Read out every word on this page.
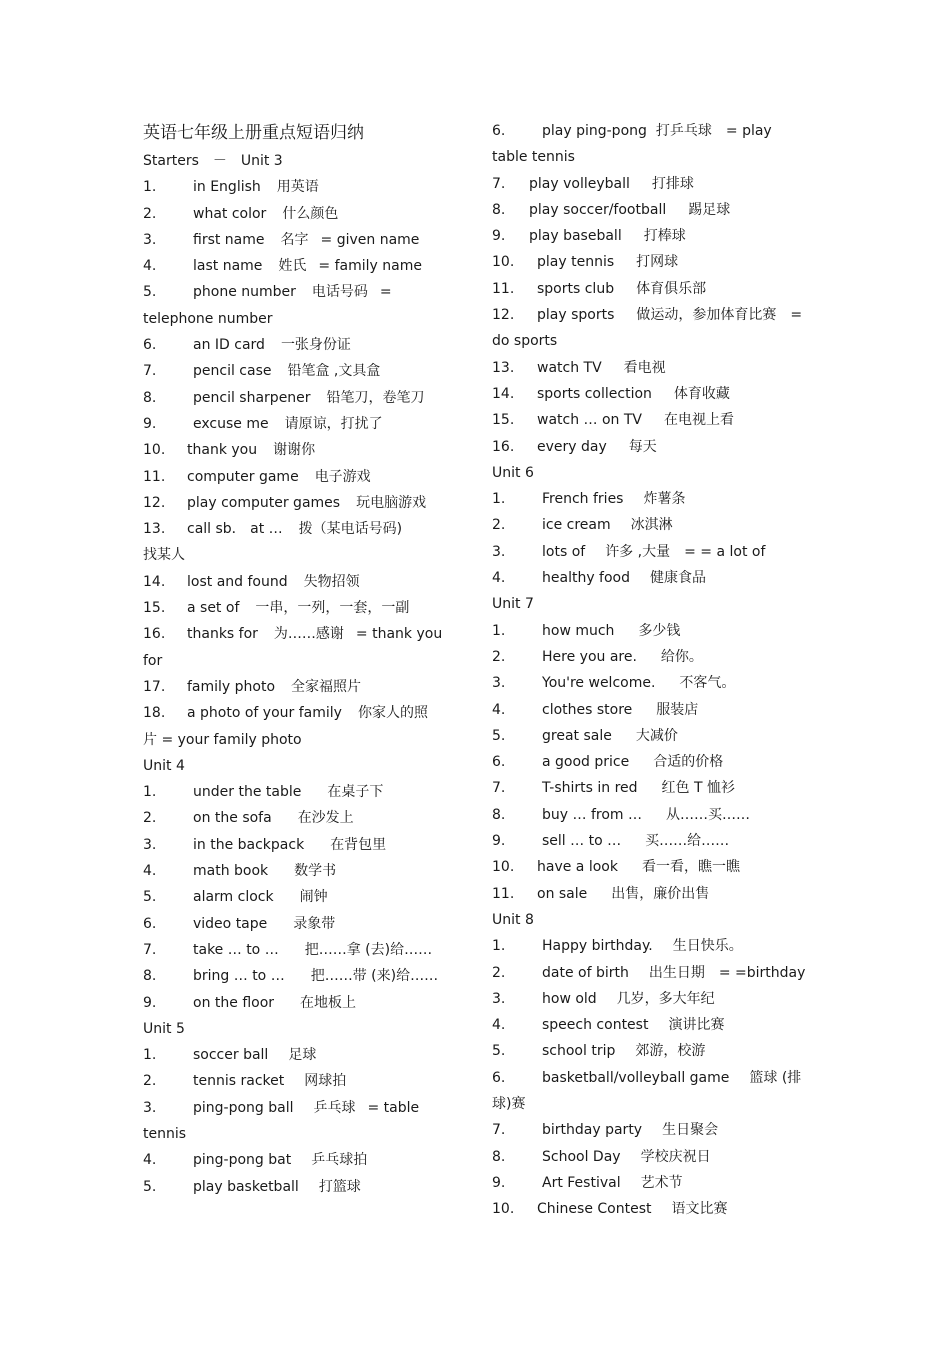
英语七年级上册重点短语归纳
Starters　－　Unit 3
1.	in English 用英语
2.	what color 什么颜色
3.	first name 名字 = given name
4.	last name 姓氏 = family name
5.	phone number 电话号码 =
telephone number
6.	an ID card 一张身份证
7.	pencil case 铅笔盒 ,文具盒
8.	pencil sharpener 铅笔刀，卷笔刀
9.	excuse me 请原谅，打扰了
10. thank you 谢谢你
11. computer game 电子游戏
12. play computer games 玩电脑游戏
13. call sb． at … 拨（某电话号码)
找某人
14. lost and found 失物招领
15. a set of 一串，一列，一套，一副
16. thanks for 为……感谢 = thank you
for
17. family photo 全家福照片
18. a photo of your family 你家人的照
片 = your family photo
Unit 4
1.	under the table 在桌子下
2.	on the sofa 在沙发上
3.	in the backpack 在背包里
4.	math book 数学书
5.	alarm clock 闹钟
6.	video tape 录象带
7.	take … to … 把……拿 (去)给……
8.	bring … to … 把……带 (来)给……
9.	on the floor 在地板上
Unit 5
1.	soccer ball 足球
2.	tennis racket 网球拍
3.	ping-pong ball 乒乓球 = table
tennis
4.	ping-pong bat 乒乓球拍
5.	play basketball 打篮球
6.	play ping-pong 打乒乓球 = play
table tennis
7. play volleyball 打排球
8. play soccer/football 踢足球
9. play baseball 打棒球
10. play tennis 打网球
11. sports club 体育俱乐部
12. play sports 做运动，参加体育比赛 =
do sports
13. watch TV 看电视
14. sports collection 体育收藏
15. watch … on TV 在电视上看
16. every day 每天
Unit 6
1.	French fries 炸薯条
2.	ice cream 冰淇淋
3.	lots of 许多 ,大量 = = a lot of
4.	healthy food 健康食品
Unit 7
1.	how much 多少钱
2.	Here you are. 给你。
3.	You're welcome. 不客气。
4.	clothes store 服装店
5.	great sale 大减价
6.	a good price 合适的价格
7.	T-shirts in red 红色 T 恤衫
8.	buy … from … 从……买……
9.	sell … to … 买……给……
10. have a look 看一看，瞧一瞧
11. on sale 出售，廉价出售
Unit 8
1.	Happy birthday. 生日快乐。
2.	date of birth 出生日期 = =birthday
3.	how old 几岁，多大年纪
4.	speech contest 演讲比赛
5.	school trip 郊游，校游
6.	basketball/volleyball game 篮球 (排
球)赛
7.	birthday party 生日聚会
8.	School Day 学校庆祝日
9.	Art Festival 艺术节
10. Chinese Contest 语文比赛
